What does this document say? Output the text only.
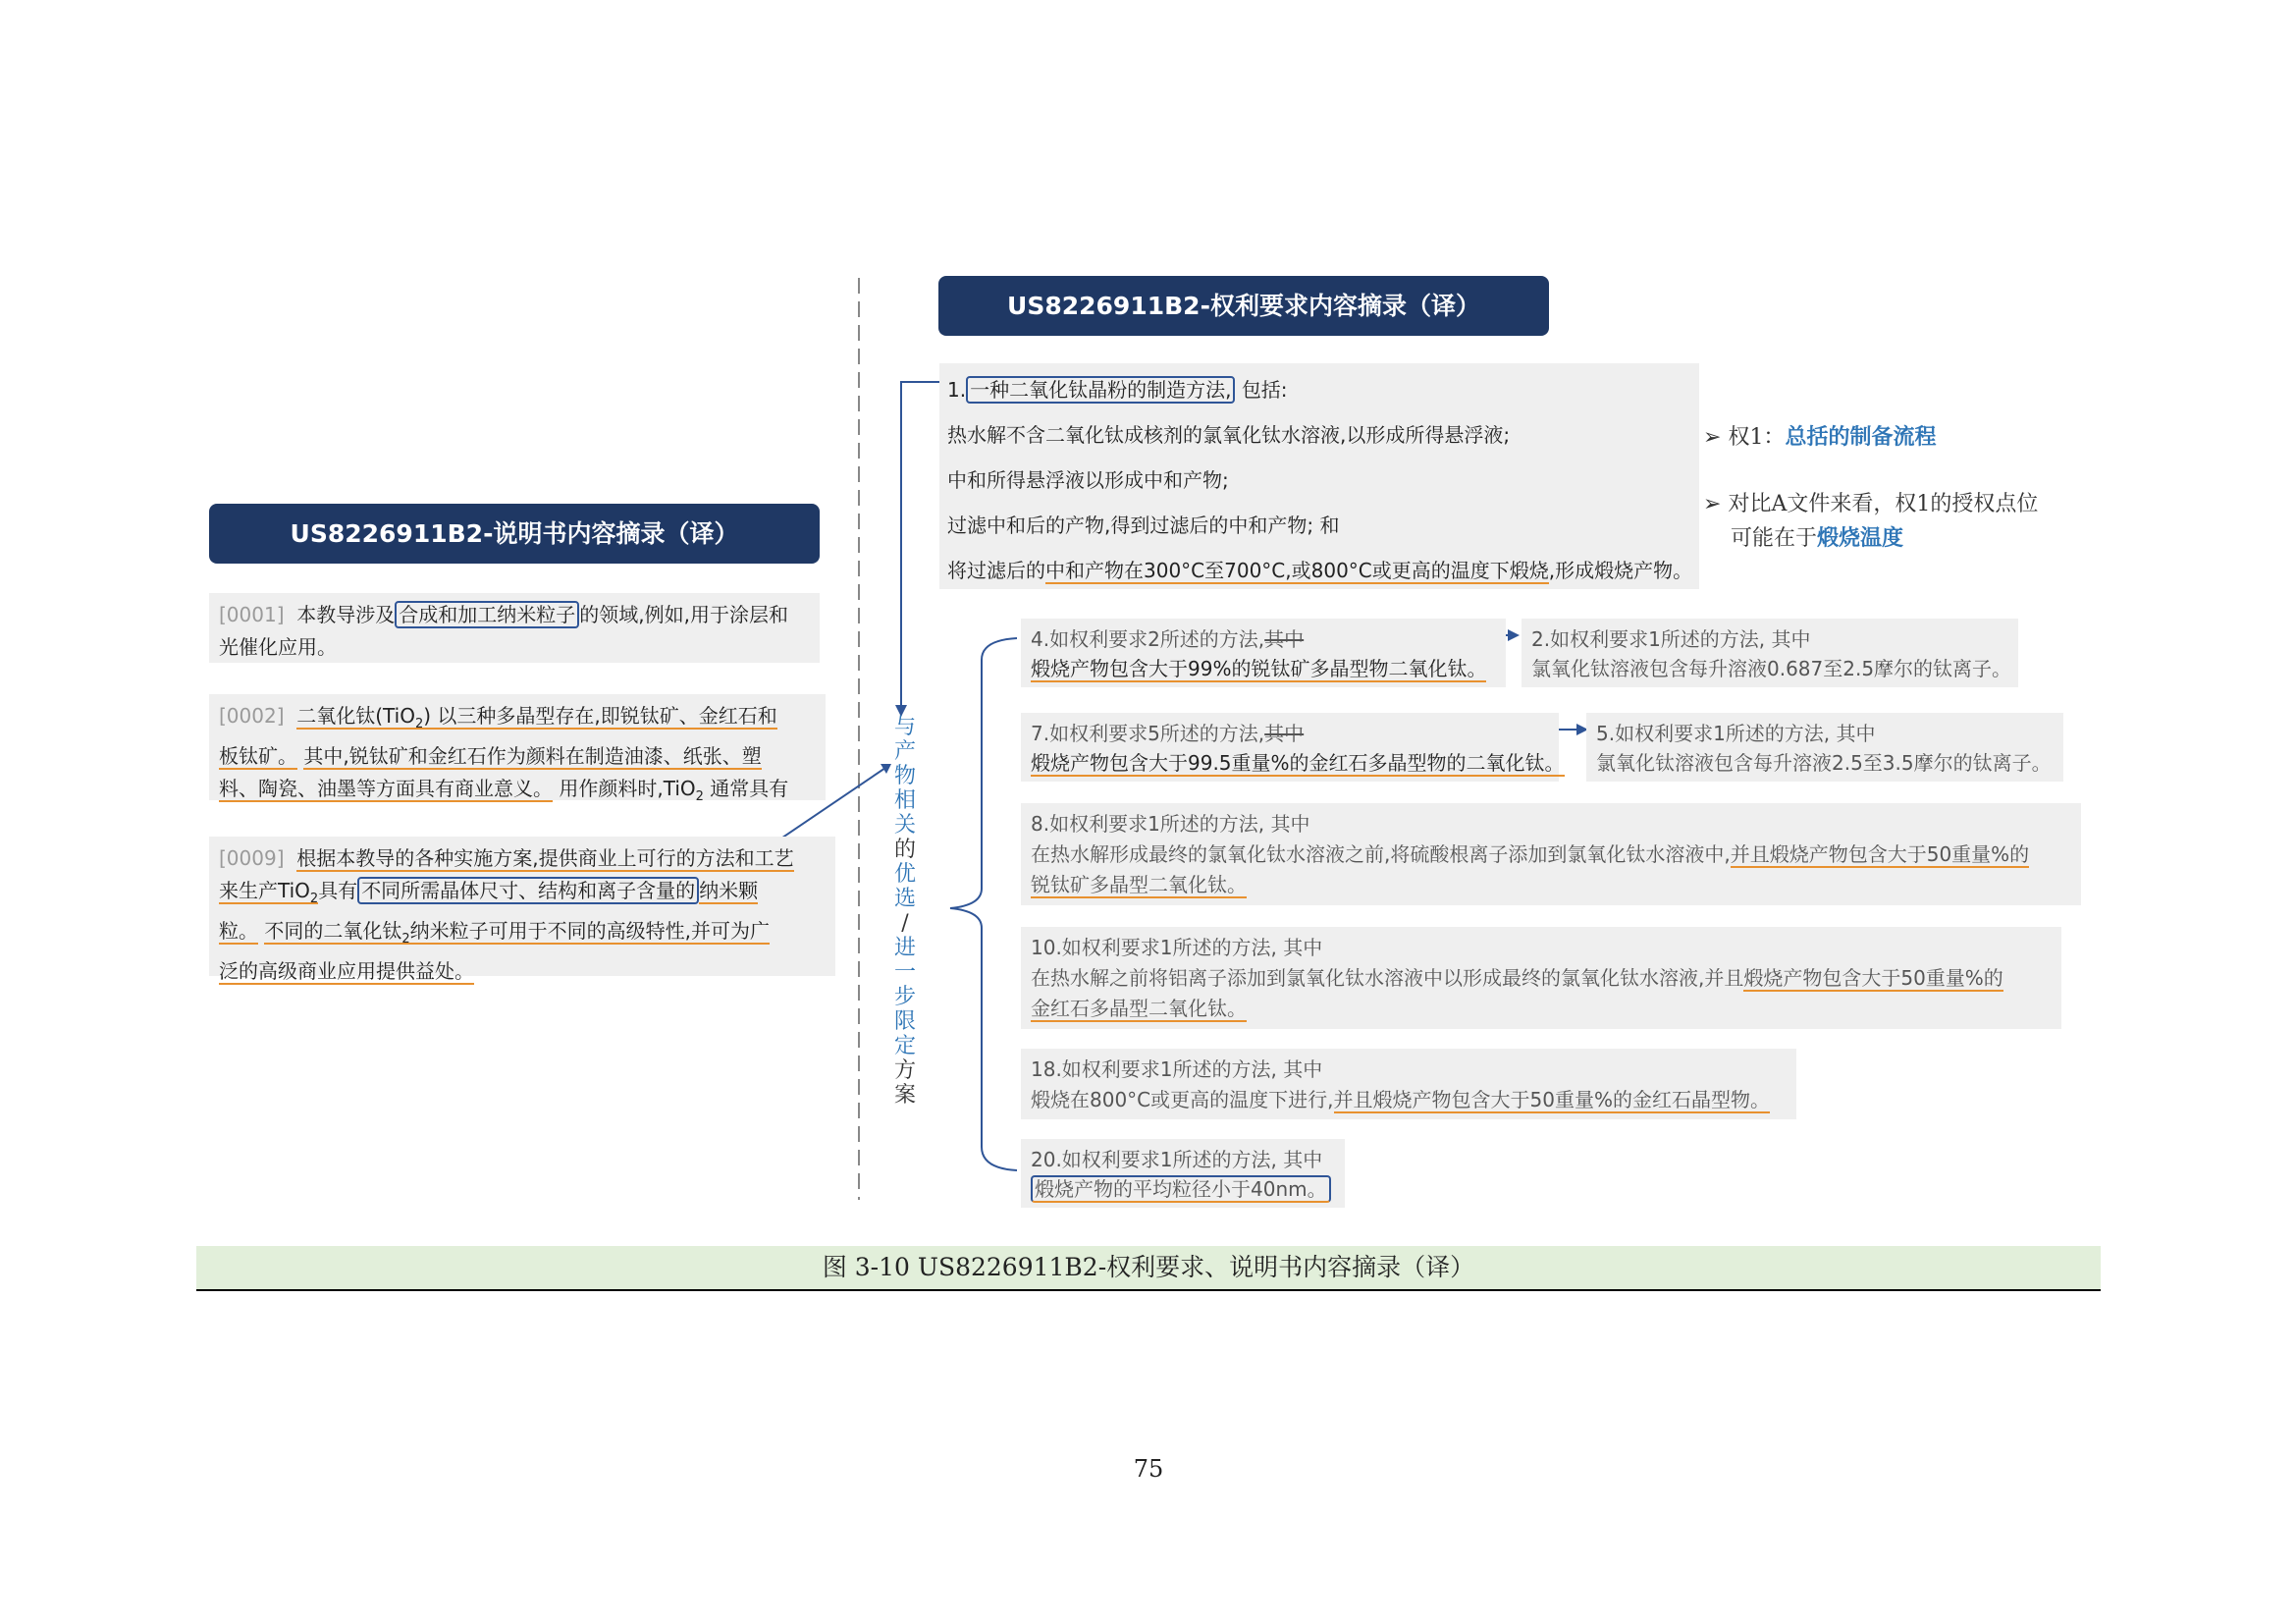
US8226911B2-权利要求内容摘录（译）
US8226911B2-说明书内容摘录（译）
1. 一种二氧化钛晶粉的制造方法, 包括:
热水解不含二氧化钛成核剂的氯氧化钛水溶液,以形成所得悬浮液;
中和所得悬浮液以形成中和产物;
过滤中和后的产物,得到过滤后的中和产物; 和
将过滤后的中和产物在300°C至700°C,或800°C或更高的温度下煅烧,形成煅烧产物。
➢ 权1：总括的制备流程
➢ 对比A文件来看，权1的授权点位
可能在于煅烧温度
[0001] 本教导涉及 合成和加工纳米粒子 的领域,例如,用于涂层和
光催化应用。
[0002] 二氧化钛(TiO$_2$) 以三种多晶型存在,即锐钛矿、金红石和
板钛矿。 其中,锐钛矿和金红石作为颜料在制造油漆、纸张、塑
料、陶瓷、油墨等方面具有商业意义。 用作颜料时,TiO$_2$ 通常具有
[0009] 根据本教导的各种实施方案,提供商业上可行的方法和工艺
来生产TiO$_2$具有 不同所需晶体尺寸、结构和离子含量的 纳米颗
粒。 不同的二氧化钛$_2$纳米粒子可用于不同的高级特性,并可为广
泛的高级商业应用提供益处。
与
产
物
相
关
的
优
选
/
进
一
步
限
定
方
案
4.如权利要求2所述的方法,其中
煅烧产物包含大于99%的锐钛矿多晶型物二氧化钛。
2.如权利要求1所述的方法, 其中
氯氧化钛溶液包含每升溶液0.687至2.5摩尔的钛离子。
7.如权利要求5所述的方法,其中
煅烧产物包含大于99.5重量%的金红石多晶型物的二氧化钛。
5.如权利要求1所述的方法, 其中
氯氧化钛溶液包含每升溶液2.5至3.5摩尔的钛离子。
8.如权利要求1所述的方法, 其中
在热水解形成最终的氯氧化钛水溶液之前,将硫酸根离子添加到氯氧化钛水溶液中,并且煅烧产物包含大于50重量%的
锐钛矿多晶型二氧化钛。
10.如权利要求1所述的方法, 其中
在热水解之前将铝离子添加到氯氧化钛水溶液中以形成最终的氯氧化钛水溶液,并且煅烧产物包含大于50重量%的
金红石多晶型二氧化钛。
18.如权利要求1所述的方法, 其中
煅烧在800°C或更高的温度下进行,并且煅烧产物包含大于50重量%的金红石晶型物。
20.如权利要求1所述的方法, 其中
煅烧产物的平均粒径小于40nm。
图 3-10 US8226911B2-权利要求、说明书内容摘录（译）
75
